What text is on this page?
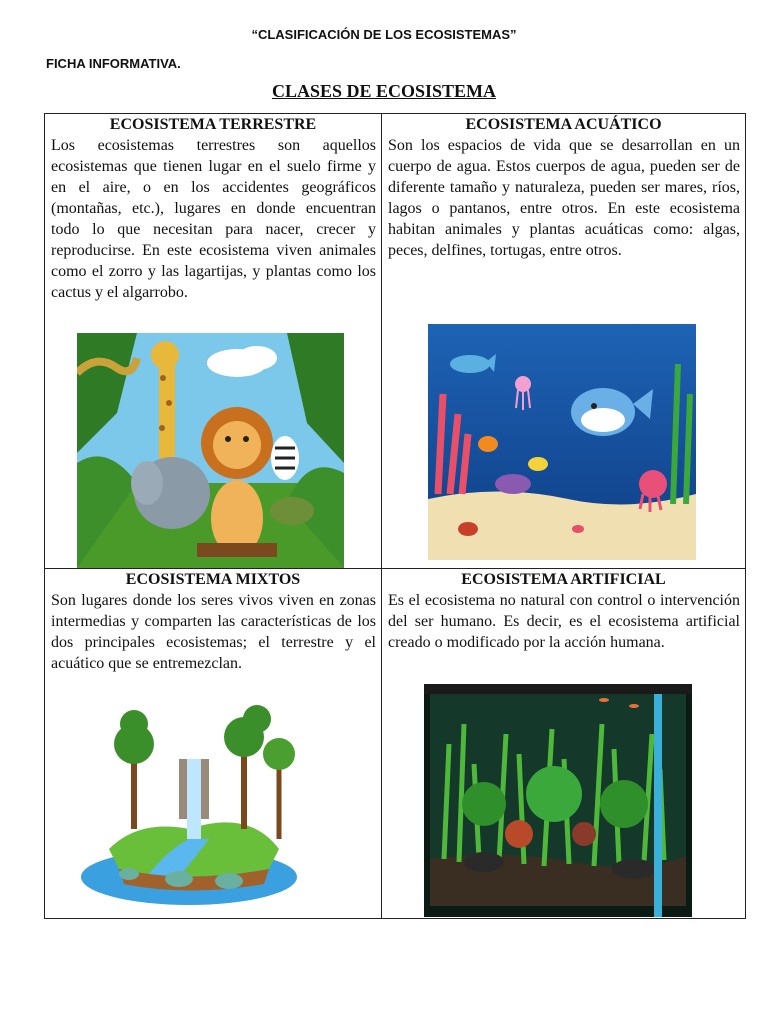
“CLASIFICACIÓN DE LOS ECOSISTEMAS”
FICHA INFORMATIVA.
CLASES DE ECOSISTEMA
ECOSISTEMA TERRESTRE

Los ecosistemas terrestres son aquellos ecosistemas que tienen lugar en el suelo firme y en el aire, o en los accidentes geográficos (montañas, etc.), lugares en donde encuentran todo lo que necesitan para nacer, crecer y reproducirse. En este ecosistema viven animales como el zorro y las lagartijas, y plantas como los cactus y el algarrobo.

ECOSISTEMA ACUÁTICO

Son los espacios de vida que se desarrollan en un cuerpo de agua. Estos cuerpos de agua, pueden ser de diferente tamaño y naturaleza, pueden ser mares, ríos, lagos o pantanos, entre otros. En este ecosistema habitan animales y plantas acuáticas como: algas, peces, delfines, tortugas, entre otros.

ECOSISTEMA MIXTOS

Son lugares donde los seres vivos viven en zonas intermedias y comparten las características de los dos principales ecosistemas; el terrestre y el acuático que se entremezclan.

ECOSISTEMA ARTIFICIAL

Es el ecosistema no natural con control o intervención del ser humano. Es decir, es el ecosistema artificial creado o modificado por la acción humana.
